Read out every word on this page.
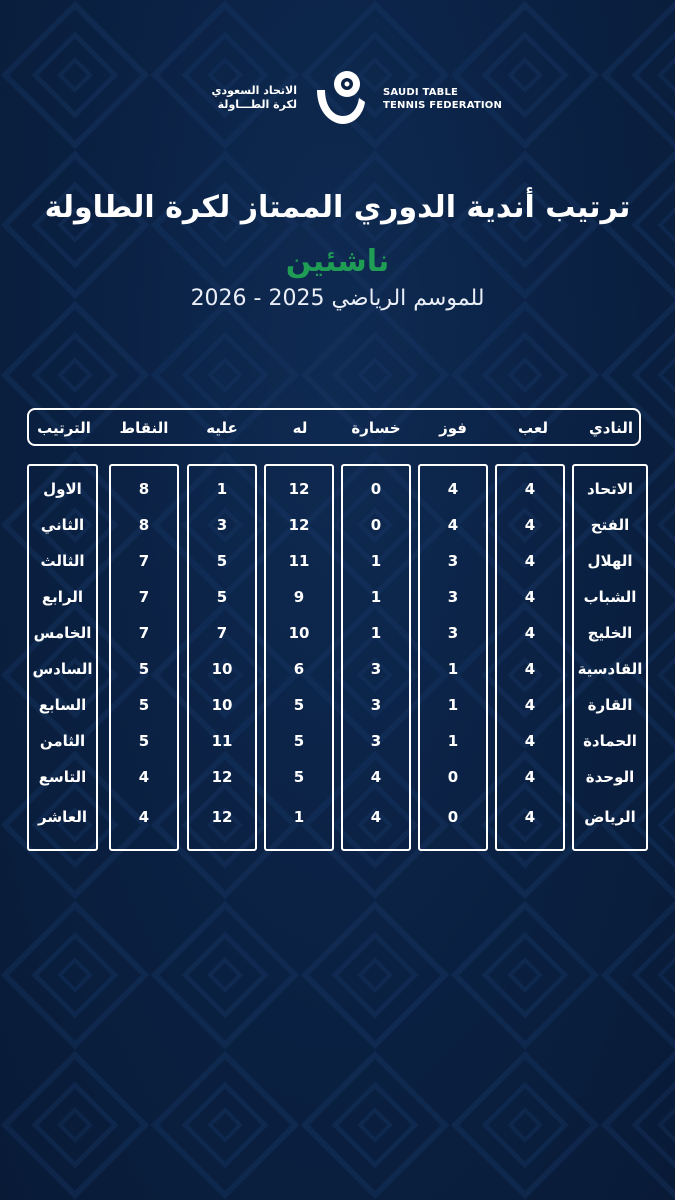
الاتحاد السعودي
لكرة الطـــاولة
SAUDI TABLE
TENNIS FEDERATION
ترتيب أندية الدوري الممتاز لكرة الطاولة
ناشئين
للموسم الرياضي 2025 - 2026
النادي
لعب
فوز
خسارة
له
عليه
النقاط
الترتيب
الاتحاد
الفتح
الهلال
الشباب
الخليج
القادسية
القارة
الحمادة
الوحدة
الرياض
4
4
4
4
4
4
4
4
4
4
4
4
3
3
3
1
1
1
0
0
0
0
1
1
1
3
3
3
4
4
12
12
11
9
10
6
5
5
5
1
1
3
5
5
7
10
10
11
12
12
8
8
7
7
7
5
5
5
4
4
الاول
الثاني
الثالث
الرابع
الخامس
السادس
السابع
الثامن
التاسع
العاشر
